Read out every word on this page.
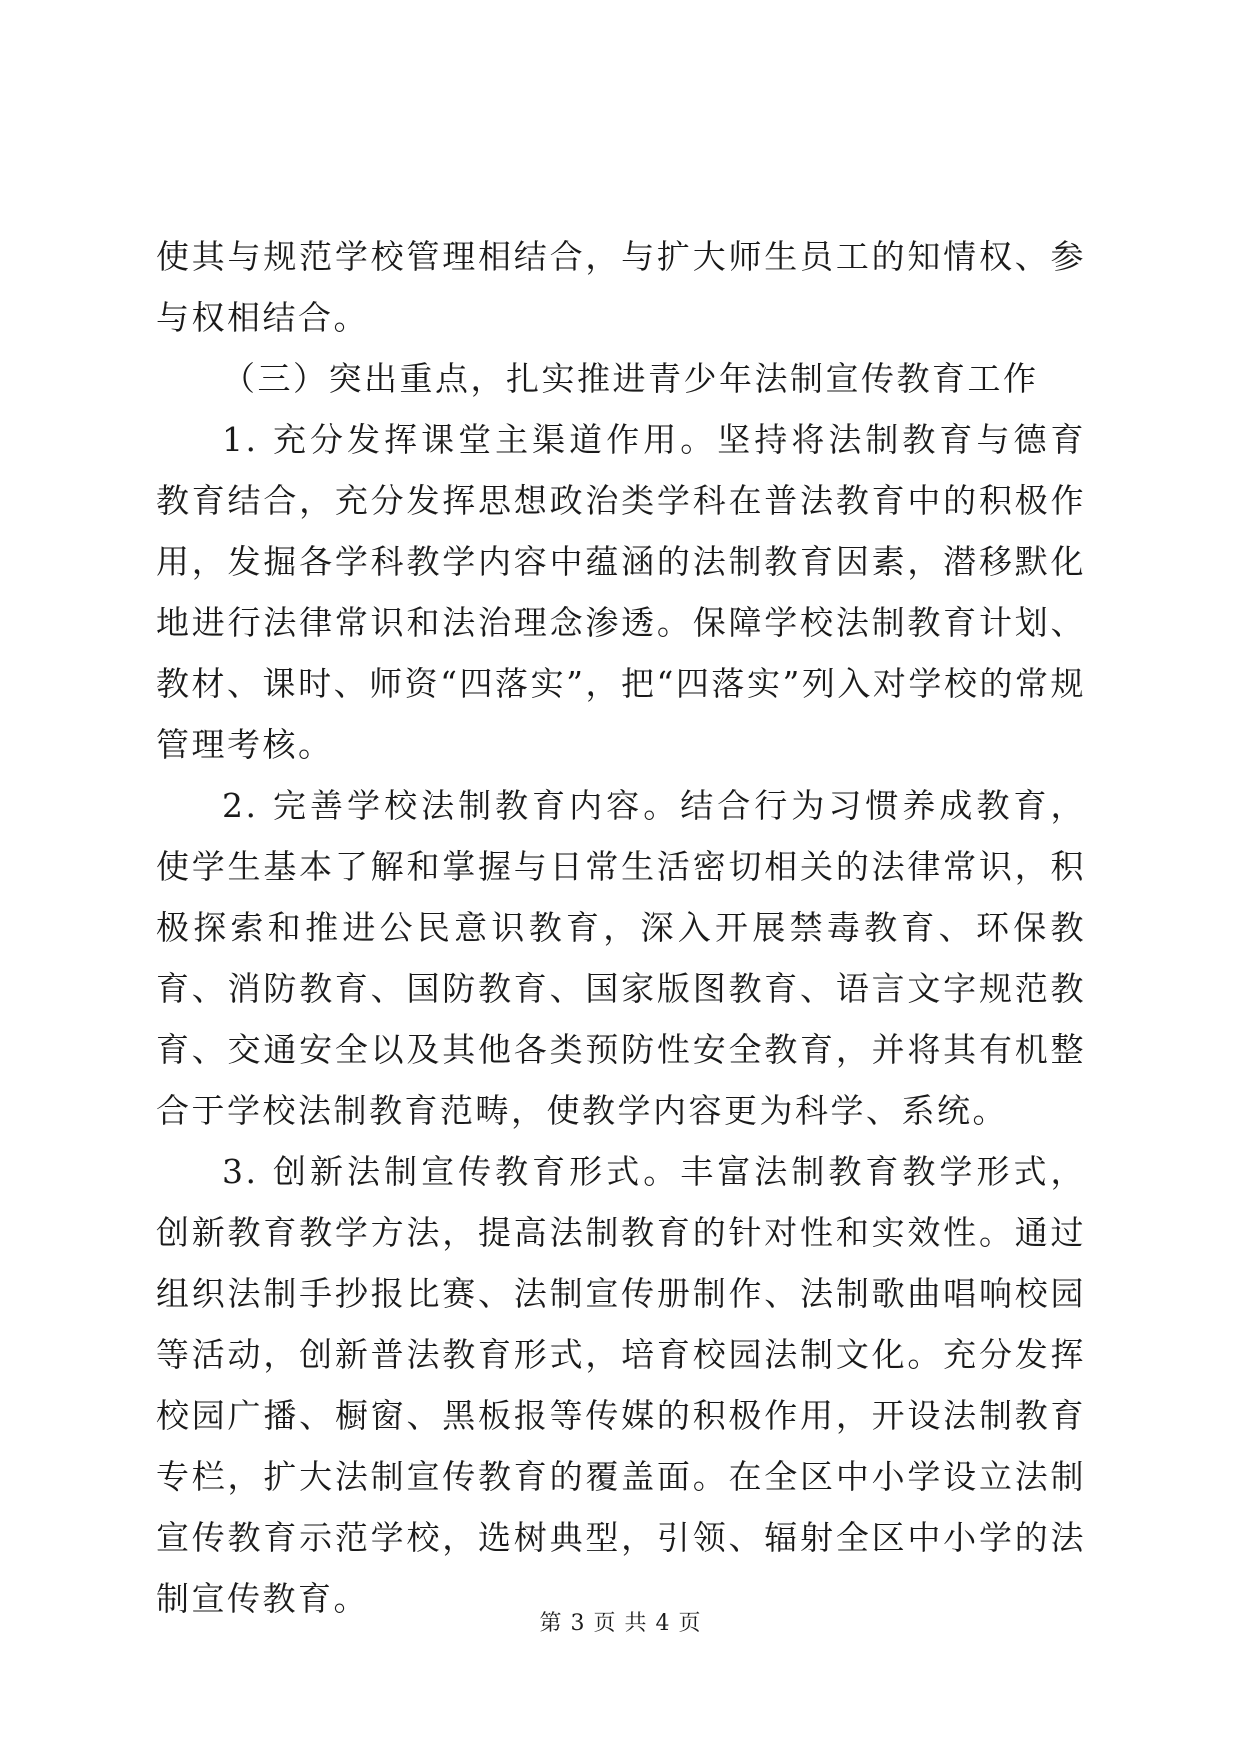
使其与规范学校管理相结合，与扩大师生员工的知情权、参与权相结合。

（三）突出重点，扎实推进青少年法制宣传教育工作

1. 充分发挥课堂主渠道作用。坚持将法制教育与德育教育结合，充分发挥思想政治类学科在普法教育中的积极作用，发掘各学科教学内容中蕴涵的法制教育因素，潜移默化地进行法律常识和法治理念渗透。保障学校法制教育计划、教材、课时、师资“四落实”，把“四落实”列入对学校的常规管理考核。

2. 完善学校法制教育内容。结合行为习惯养成教育，使学生基本了解和掌握与日常生活密切相关的法律常识，积极探索和推进公民意识教育，深入开展禁毒教育、环保教育、消防教育、国防教育、国家版图教育、语言文字规范教育、交通安全以及其他各类预防性安全教育，并将其有机整合于学校法制教育范畴，使教学内容更为科学、系统。

3. 创新法制宣传教育形式。丰富法制教育教学形式，创新教育教学方法，提高法制教育的针对性和实效性。通过组织法制手抄报比赛、法制宣传册制作、法制歌曲唱响校园等活动，创新普法教育形式，培育校园法制文化。充分发挥校园广播、橱窗、黑板报等传媒的积极作用，开设法制教育专栏，扩大法制宣传教育的覆盖面。在全区中小学设立法制宣传教育示范学校，选树典型，引领、辐射全区中小学的法制宣传教育。

第 3 页 共 4 页
